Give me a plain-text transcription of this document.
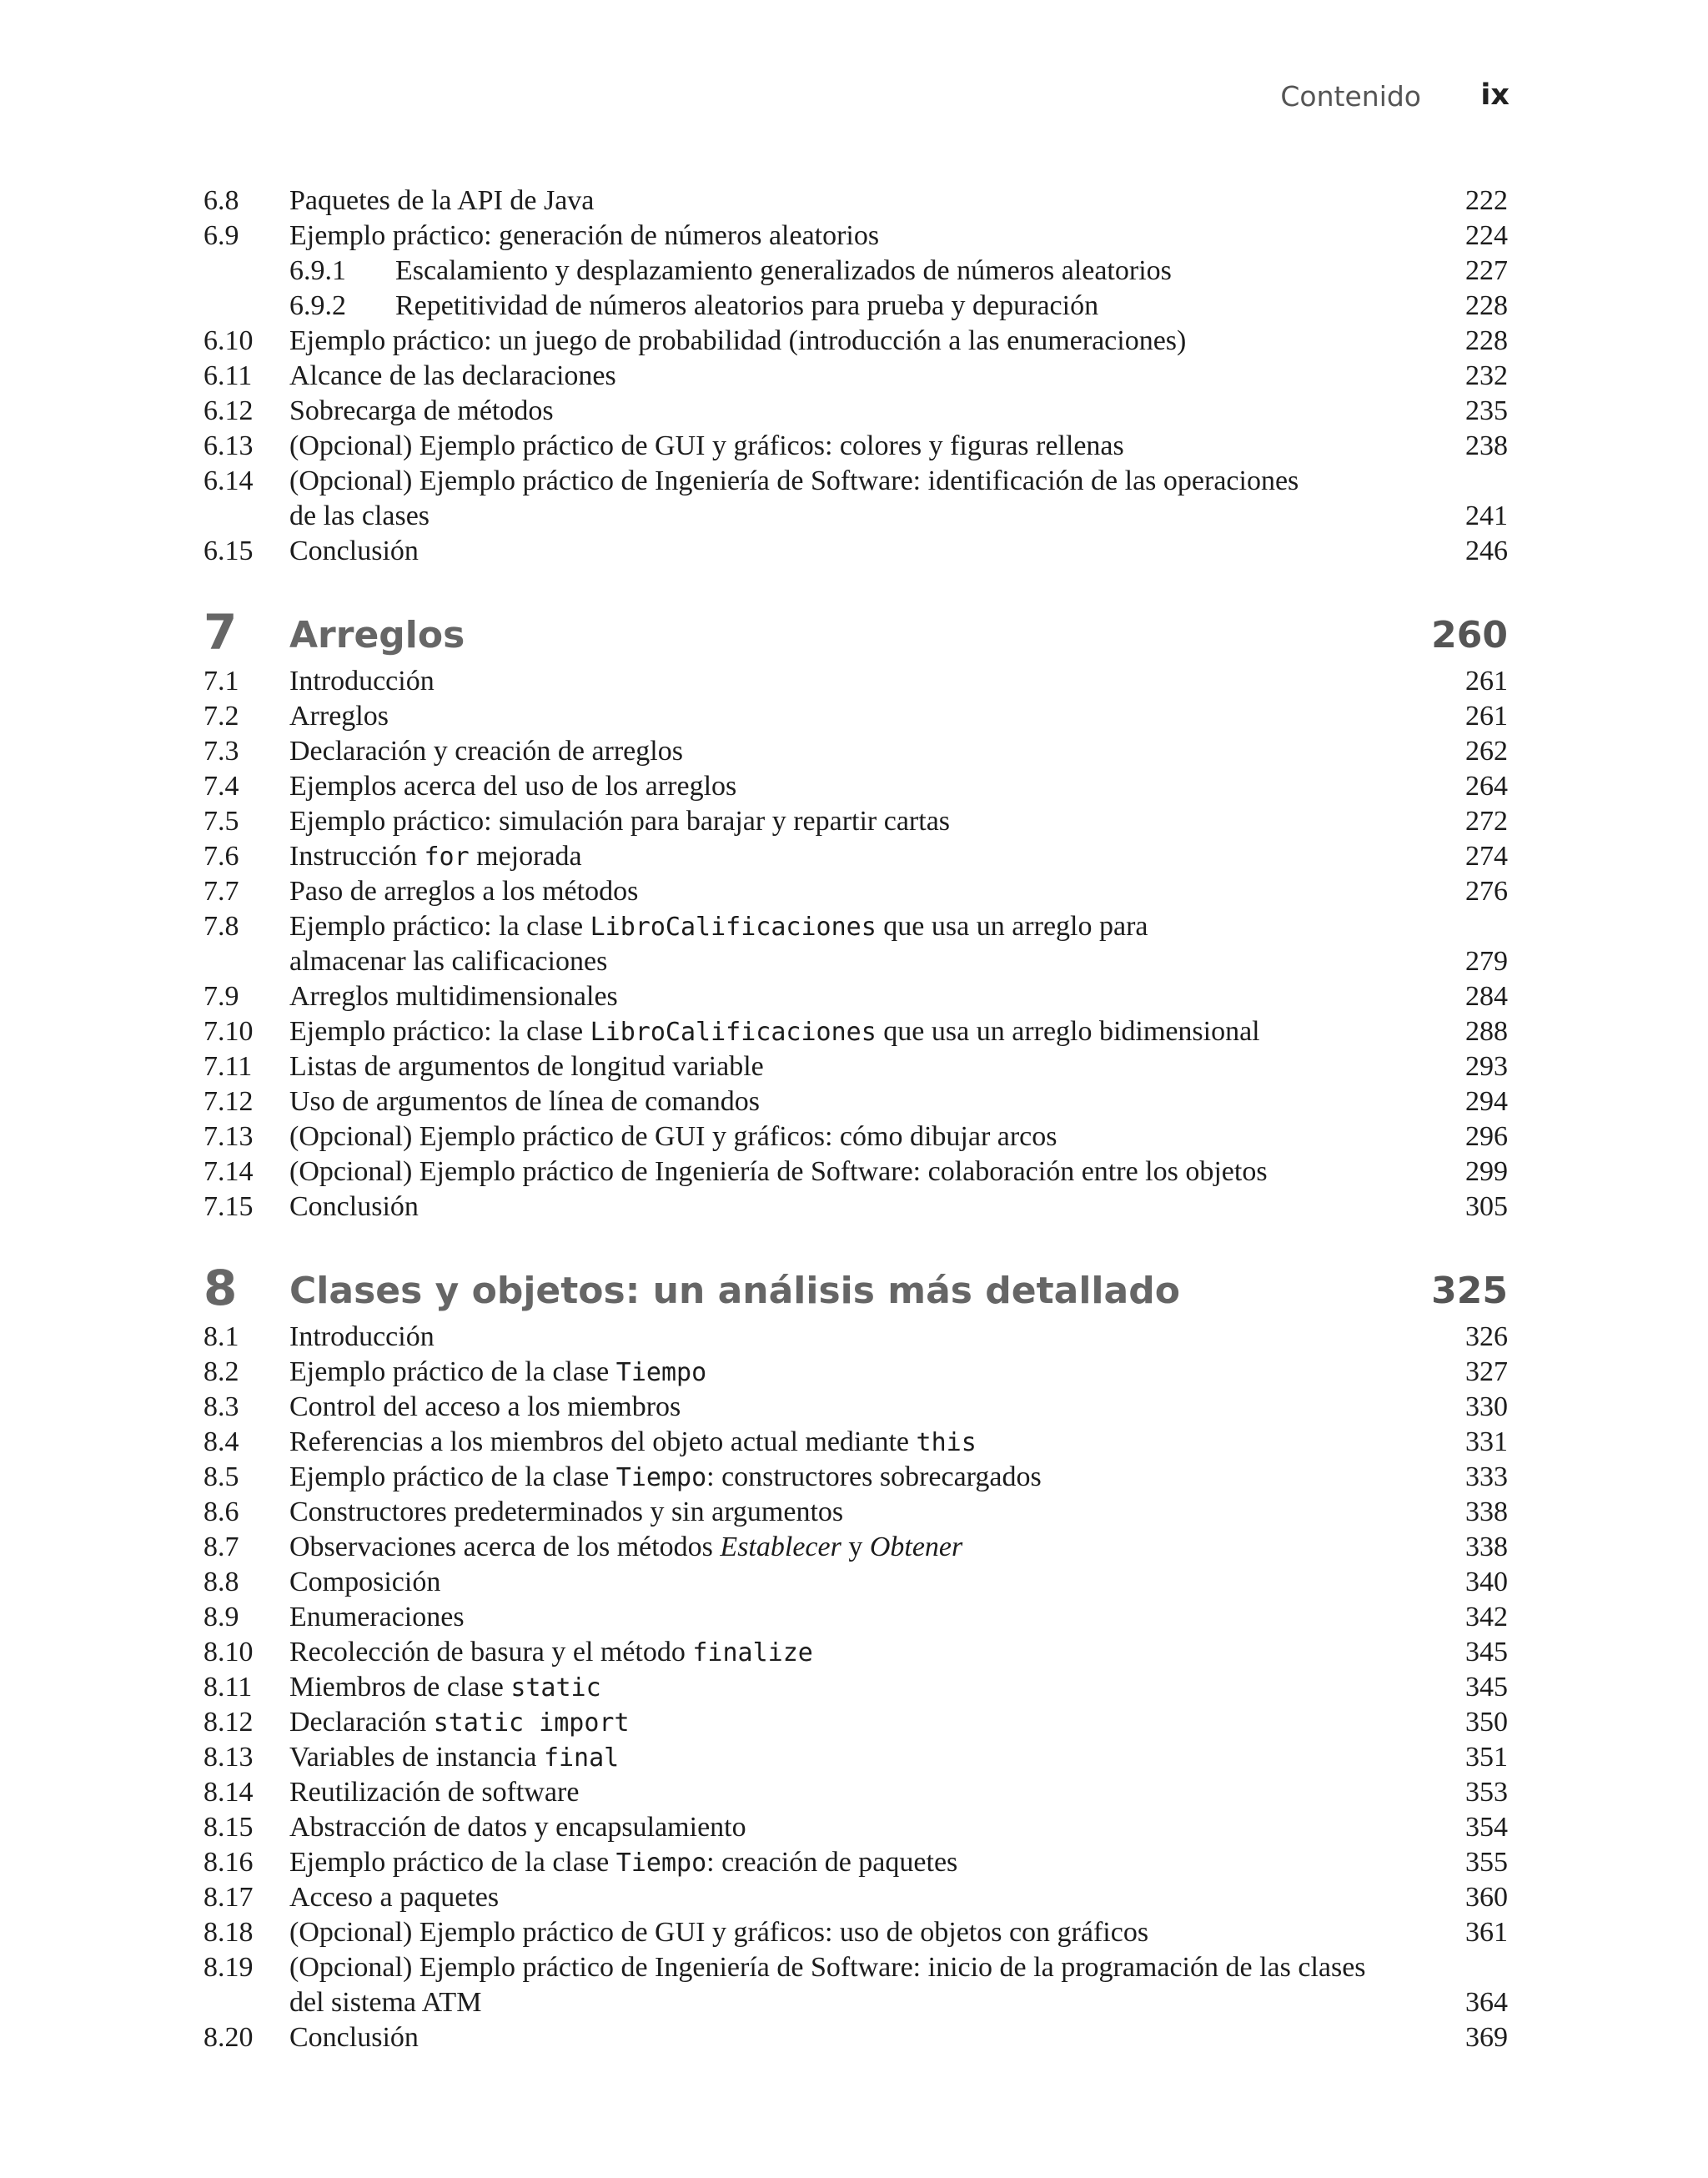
Contenido ix
6.8 Paquetes de la API de Java	222
6.9 Ejemplo práctico: generación de números aleatorios	224
6.9.1 Escalamiento y desplazamiento generalizados de números aleatorios	227
6.9.2 Repetitividad de números aleatorios para prueba y depuración	228
6.10 Ejemplo práctico: un juego de probabilidad (introducción a las enumeraciones)	228
6.11 Alcance de las declaraciones	232
6.12 Sobrecarga de métodos	235
6.13 (Opcional) Ejemplo práctico de GUI y gráficos: colores y figuras rellenas	238
6.14 (Opcional) Ejemplo práctico de Ingeniería de Software: identificación de las operaciones
de las clases	241
6.15 Conclusión	246
7 Arreglos	260
7.1 Introducción	261
7.2 Arreglos	261
7.3 Declaración y creación de arreglos	262
7.4 Ejemplos acerca del uso de los arreglos	264
7.5 Ejemplo práctico: simulación para barajar y repartir cartas	272
7.6 Instrucción for mejorada	274
7.7 Paso de arreglos a los métodos	276
7.8 Ejemplo práctico: la clase LibroCalificaciones que usa un arreglo para
almacenar las calificaciones	279
7.9 Arreglos multidimensionales	284
7.10 Ejemplo práctico: la clase LibroCalificaciones que usa un arreglo bidimensional	288
7.11 Listas de argumentos de longitud variable	293
7.12 Uso de argumentos de línea de comandos	294
7.13 (Opcional) Ejemplo práctico de GUI y gráficos: cómo dibujar arcos	296
7.14 (Opcional) Ejemplo práctico de Ingeniería de Software: colaboración entre los objetos	299
7.15 Conclusión	305
8 Clases y objetos: un análisis más detallado	325
8.1 Introducción	326
8.2 Ejemplo práctico de la clase Tiempo	327
8.3 Control del acceso a los miembros	330
8.4 Referencias a los miembros del objeto actual mediante this	331
8.5 Ejemplo práctico de la clase Tiempo: constructores sobrecargados	333
8.6 Constructores predeterminados y sin argumentos	338
8.7 Observaciones acerca de los métodos Establecer y Obtener	338
8.8 Composición	340
8.9 Enumeraciones	342
8.10 Recolección de basura y el método finalize	345
8.11 Miembros de clase static	345
8.12 Declaración static import	350
8.13 Variables de instancia final	351
8.14 Reutilización de software	353
8.15 Abstracción de datos y encapsulamiento	354
8.16 Ejemplo práctico de la clase Tiempo: creación de paquetes	355
8.17 Acceso a paquetes	360
8.18 (Opcional) Ejemplo práctico de GUI y gráficos: uso de objetos con gráficos	361
8.19 (Opcional) Ejemplo práctico de Ingeniería de Software: inicio de la programación de las clases
del sistema ATM	364
8.20 Conclusión	369
